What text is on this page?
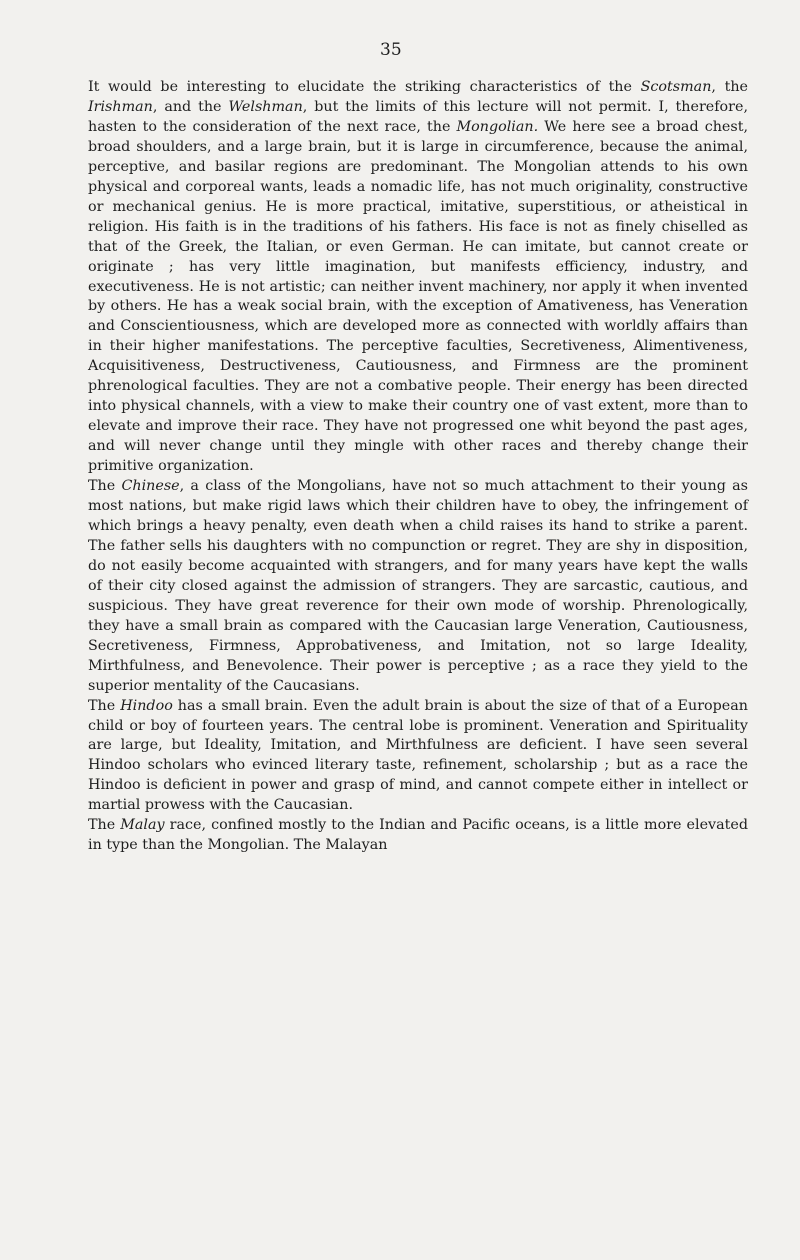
35

It would be interesting to elucidate the striking characteristics of the Scotsman, the Irishman, and the Welshman, but the limits of this lecture will not permit. I, therefore, hasten to the consideration of the next race, the Mongolian. We here see a broad chest, broad shoulders, and a large brain, but it is large in circumference, because the animal, perceptive, and basilar regions are predominant. The Mongolian attends to his own physical and corporeal wants, leads a nomadic life, has not much originality, constructive or mechanical genius. He is more practical, imitative, superstitious, or atheistical in religion. His faith is in the traditions of his fathers. His face is not as finely chiselled as that of the Greek, the Italian, or even German. He can imitate, but cannot create or originate ; has very little imagination, but manifests efficiency, industry, and executiveness. He is not artistic; can neither invent machinery, nor apply it when invented by others. He has a weak social brain, with the exception of Amativeness, has Veneration and Conscientiousness, which are developed more as connected with worldly affairs than in their higher manifestations. The perceptive faculties, Secretiveness, Alimentiveness, Acquisitiveness, Destructiveness, Cautiousness, and Firmness are the prominent phrenological faculties. They are not a combative people. Their energy has been directed into physical channels, with a view to make their country one of vast extent, more than to elevate and improve their race. They have not progressed one whit beyond the past ages, and will never change until they mingle with other races and thereby change their primitive organization.

The Chinese, a class of the Mongolians, have not so much attachment to their young as most nations, but make rigid laws which their children have to obey, the infringement of which brings a heavy penalty, even death when a child raises its hand to strike a parent. The father sells his daughters with no compunction or regret. They are shy in disposition, do not easily become acquainted with strangers, and for many years have kept the walls of their city closed against the admission of strangers. They are sarcastic, cautious, and suspicious. They have great reverence for their own mode of worship. Phrenologically, they have a small brain as compared with the Caucasian large Veneration, Cautiousness, Secretiveness, Firmness, Approbativeness, and Imitation, not so large Ideality, Mirthfulness, and Benevolence. Their power is perceptive ; as a race they yield to the superior mentality of the Caucasians.

The Hindoo has a small brain. Even the adult brain is about the size of that of a European child or boy of fourteen years. The central lobe is prominent. Veneration and Spirituality are large, but Ideality, Imitation, and Mirthfulness are deficient. I have seen several Hindoo scholars who evinced literary taste, refinement, scholarship ; but as a race the Hindoo is deficient in power and grasp of mind, and cannot compete either in intellect or martial prowess with the Caucasian.

The Malay race, confined mostly to the Indian and Pacific oceans, is a little more elevated in type than the Mongolian. The Malayan
